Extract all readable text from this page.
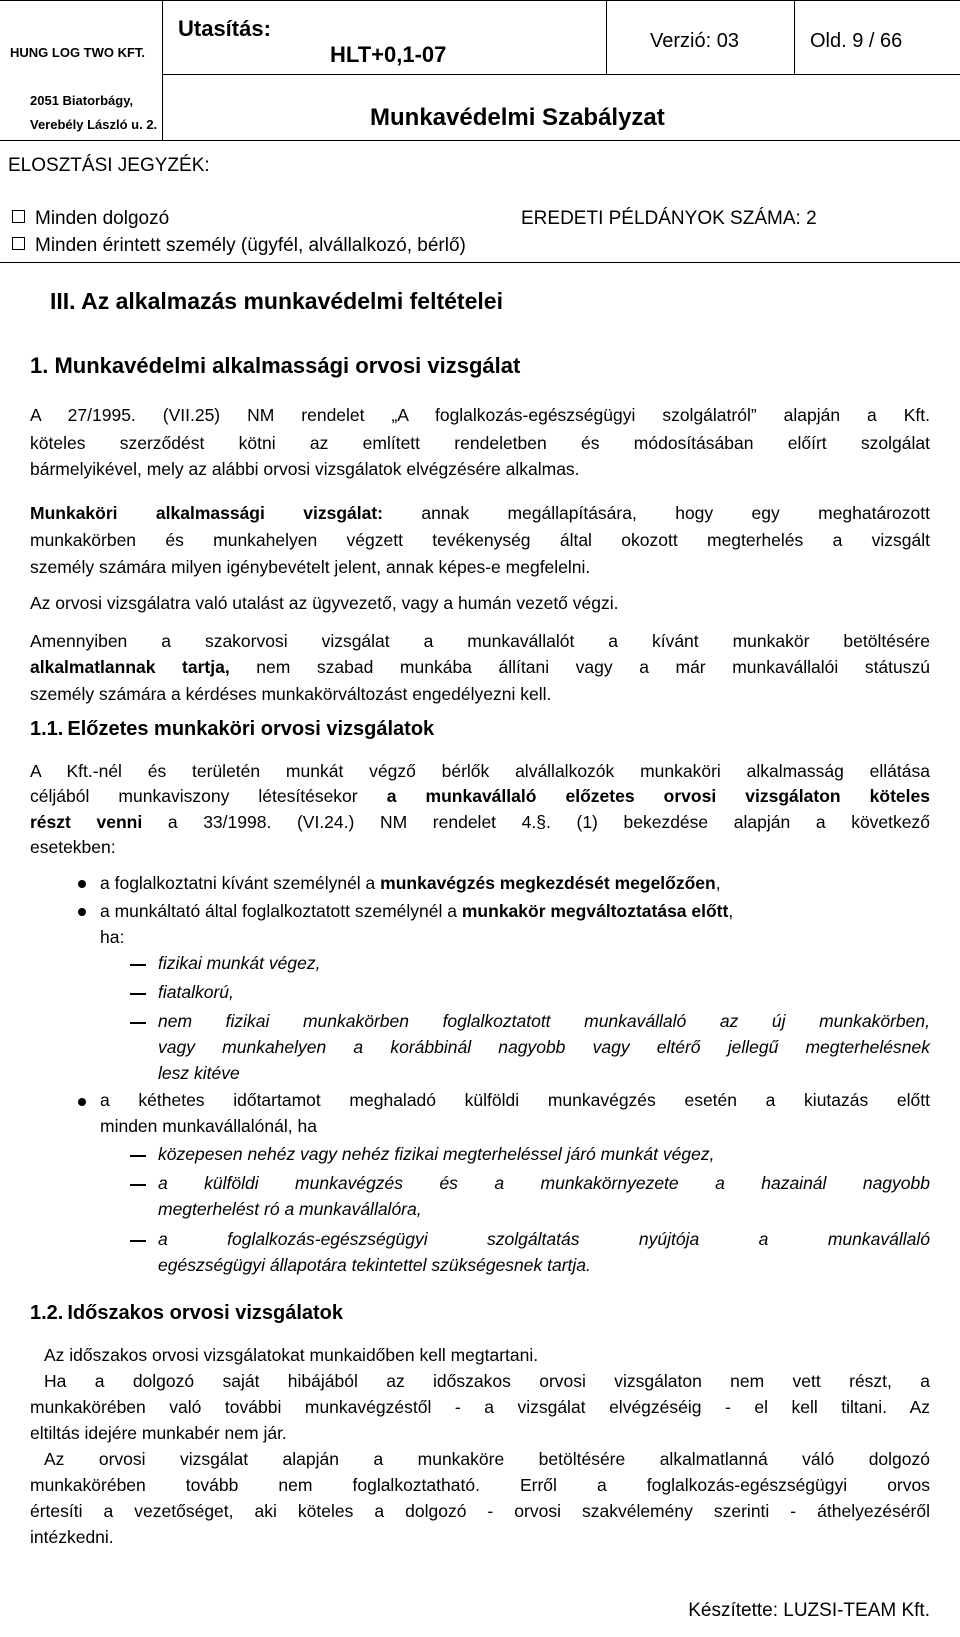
HUNG LOG TWO KFT.
2051 Biatorbágy,
Verebély László u. 2.
Utasítás:
HLT+0,1-07
Verzió: 03	Old. 9 / 66
Munkavédelmi Szabályzat
ELOSZTÁSI JEGYZÉK:
Minden dolgozó	EREDETI PÉLDÁNYOK SZÁMA: 2
Minden érintett személy (ügyfél, alvállalkozó, bérlő)
III. Az alkalmazás munkavédelmi feltételei
1. Munkavédelmi alkalmassági orvosi vizsgálat
A 27/1995. (VII.25) NM rendelet „A foglalkozás-egészségügyi szolgálatról” alapján a Kft.
köteles szerződést kötni az említett rendeletben és módosításában előírt szolgálat
bármelyikével, mely az alábbi orvosi vizsgálatok elvégzésére alkalmas.
Munkaköri alkalmassági vizsgálat: annak megállapítására, hogy egy meghatározott
munkakörben és munkahelyen végzett tevékenység által okozott megterhelés a vizsgált
személy számára milyen igénybevételt jelent, annak képes-e megfelelni.
Az orvosi vizsgálatra való utalást az ügyvezető, vagy a humán vezető végzi.
Amennyiben a szakorvosi vizsgálat a munkavállalót a kívánt munkakör betöltésére
alkalmatlannak tartja, nem szabad munkába állítani vagy a már munkavállalói státuszú
személy számára a kérdéses munkakörváltozást engedélyezni kell.
1.1. Előzetes munkaköri orvosi vizsgálatok
A Kft.-nél és területén munkát végző bérlők alvállalkozók munkaköri alkalmasság ellátása
céljából munkaviszony létesítésekor a munkavállaló előzetes orvosi vizsgálaton köteles
részt venni a 33/1998. (VI.24.) NM rendelet 4.§. (1) bekezdése alapján a következő
esetekben:
a foglalkoztatni kívánt személynél a munkavégzés megkezdését megelőzően,
a munkáltató által foglalkoztatott személynél a munkakör megváltoztatása előtt,
ha:
fizikai munkát végez,
fiatalkorú,
nem fizikai munkakörben foglalkoztatott munkavállaló az új munkakörben,
vagy munkahelyen a korábbinál nagyobb vagy eltérő jellegű megterhelésnek
lesz kitéve
a kéthetes időtartamot meghaladó külföldi munkavégzés esetén a kiutazás előtt
minden munkavállalónál, ha
közepesen nehéz vagy nehéz fizikai megterheléssel járó munkát végez,
a külföldi munkavégzés és a munkakörnyezete a hazainál nagyobb
megterhelést ró a munkavállalóra,
a foglalkozás-egészségügyi szolgáltatás nyújtója a munkavállaló
egészségügyi állapotára tekintettel szükségesnek tartja.
1.2. Időszakos orvosi vizsgálatok
Az időszakos orvosi vizsgálatokat munkaidőben kell megtartani.
Ha a dolgozó saját hibájából az időszakos orvosi vizsgálaton nem vett részt, a
munkakörében való további munkavégzéstől - a vizsgálat elvégzéséig - el kell tiltani. Az
eltiltás idejére munkabér nem jár.
Az orvosi vizsgálat alapján a munkaköre betöltésére alkalmatlanná váló dolgozó
munkakörében tovább nem foglalkoztatható. Erről a foglalkozás-egészségügyi orvos
értesíti a vezetőséget, aki köteles a dolgozó - orvosi szakvélemény szerinti - áthelyezéséről
intézkedni.
Készítette: LUZSI-TEAM Kft.
